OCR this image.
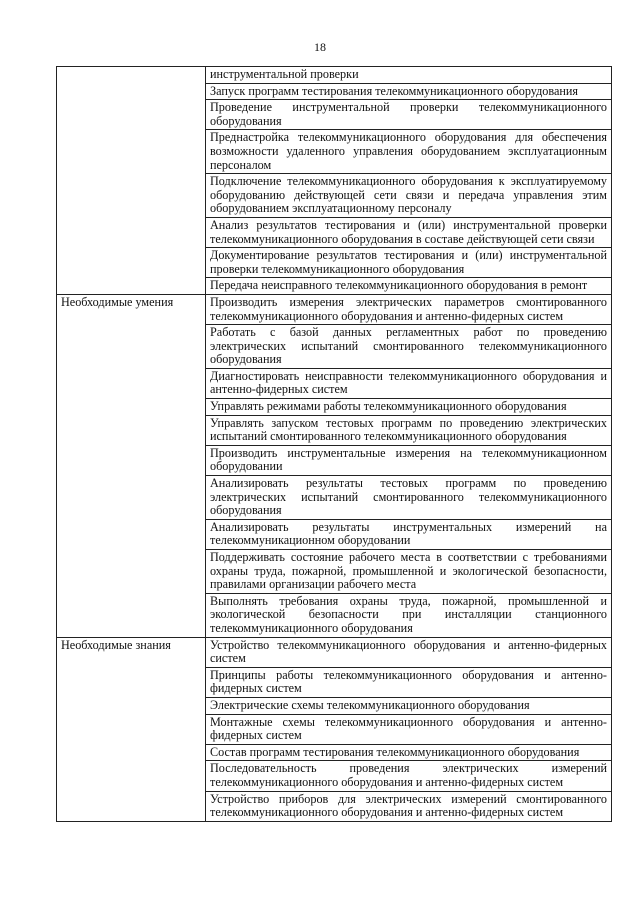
18
	инструментальной проверки
	Запуск программ тестирования телекоммуникационного оборудования
	Проведение инструментальной проверки телекоммуникационного оборудования
	Преднастройка телекоммуникационного оборудования для обеспечения возможности удаленного управления оборудованием эксплуатационным персоналом
	Подключение телекоммуникационного оборудования к эксплуатируемому оборудованию действующей сети связи и передача управления этим оборудованием эксплуатационному персоналу
	Анализ результатов тестирования и (или) инструментальной проверки телекоммуникационного оборудования в составе действующей сети связи
	Документирование результатов тестирования и (или) инструментальной проверки телекоммуникационного оборудования
	Передача неисправного телекоммуникационного оборудования в ремонт
Необходимые умения	Производить измерения электрических параметров смонтированного телекоммуникационного оборудования и антенно-фидерных систем
	Работать с базой данных регламентных работ по проведению электрических испытаний смонтированного телекоммуникационного оборудования
	Диагностировать неисправности телекоммуникационного оборудования и антенно-фидерных систем
	Управлять режимами работы телекоммуникационного оборудования
	Управлять запуском тестовых программ по проведению электрических испытаний смонтированного телекоммуникационного оборудования
	Производить инструментальные измерения на телекоммуникационном оборудовании
	Анализировать результаты тестовых программ по проведению электрических испытаний смонтированного телекоммуникационного оборудования
	Анализировать результаты инструментальных измерений на телекоммуникационном оборудовании
	Поддерживать состояние рабочего места в соответствии с требованиями охраны труда, пожарной, промышленной и экологической безопасности, правилами организации рабочего места
	Выполнять требования охраны труда, пожарной, промышленной и экологической безопасности при инсталляции станционного телекоммуникационного оборудования
Необходимые знания	Устройство телекоммуникационного оборудования и антенно-фидерных систем
	Принципы работы телекоммуникационного оборудования и антенно-фидерных систем
	Электрические схемы телекоммуникационного оборудования
	Монтажные схемы телекоммуникационного оборудования и антенно-фидерных систем
	Состав программ тестирования телекоммуникационного оборудования
	Последовательность проведения электрических измерений телекоммуникационного оборудования и антенно-фидерных систем
	Устройство приборов для электрических измерений смонтированного телекоммуникационного оборудования и антенно-фидерных систем
